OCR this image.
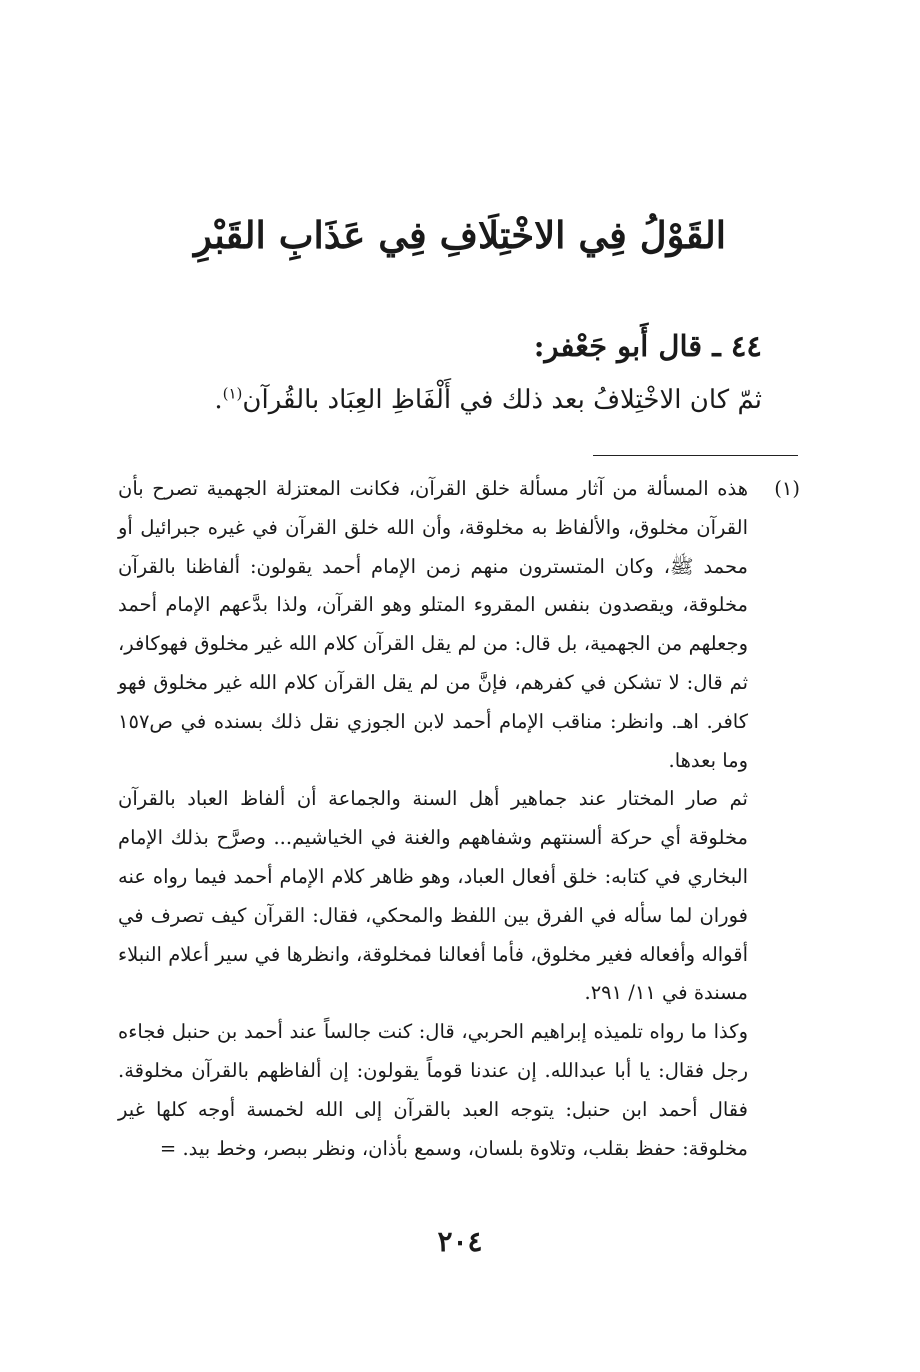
القَوْلُ فِي الاخْتِلَافِ فِي عَذَابِ القَبْرِ
٤٤ ـ قال أَبو جَعْفر:
ثمّ كان الاخْتِلافُ بعد ذلك في أَلْفَاظِ العِبَاد بالقُرآن$^{(١)}$.
(١)

هذه المسألة من آثار مسألة خلق القرآن، فكانت المعتزلة الجهمية تصرح بأن القرآن مخلوق، والألفاظ به مخلوقة، وأن الله خلق القرآن في غيره جبرائيل أو محمد ﷺ، وكان المتسترون منهم زمن الإمام أحمد يقولون: ألفاظنا بالقرآن مخلوقة، ويقصدون بنفس المقروء المتلو وهو القرآن، ولذا بدَّعهم الإمام أحمد وجعلهم من الجهمية، بل قال: من لم يقل القرآن كلام الله غير مخلوق فهوكافر، ثم قال: لا تشكن في كفرهم، فإنَّ من لم يقل القرآن كلام الله غير مخلوق فهو كافر. اهـ. وانظر: مناقب الإمام أحمد لابن الجوزي نقل ذلك بسنده في ص١٥٧ وما بعدها.

ثم صار المختار عند جماهير أهل السنة والجماعة أن ألفاظ العباد بالقرآن مخلوقة أي حركة ألسنتهم وشفاههم والغنة في الخياشيم... وصرَّح بذلك الإمام البخاري في كتابه: خلق أفعال العباد، وهو ظاهر كلام الإمام أحمد فيما رواه عنه فوران لما سأله في الفرق بين اللفظ والمحكي، فقال: القرآن كيف تصرف في أقواله وأفعاله فغير مخلوق، فأما أفعالنا فمخلوقة، وانظرها في سير أعلام النبلاء مسندة في ١١/ ٢٩١.

وكذا ما رواه تلميذه إبراهيم الحربي، قال: كنت جالساً عند أحمد بن حنبل فجاءه رجل فقال: يا أبا عبدالله. إن عندنا قوماً يقولون: إن ألفاظهم بالقرآن مخلوقة. فقال أحمد ابن حنبل: يتوجه العبد بالقرآن إلى الله لخمسة أوجه كلها غير مخلوقة: حفظ بقلب، وتلاوة بلسان، وسمع بأذان، ونظر ببصر، وخط بيد. =

٢٠٤
